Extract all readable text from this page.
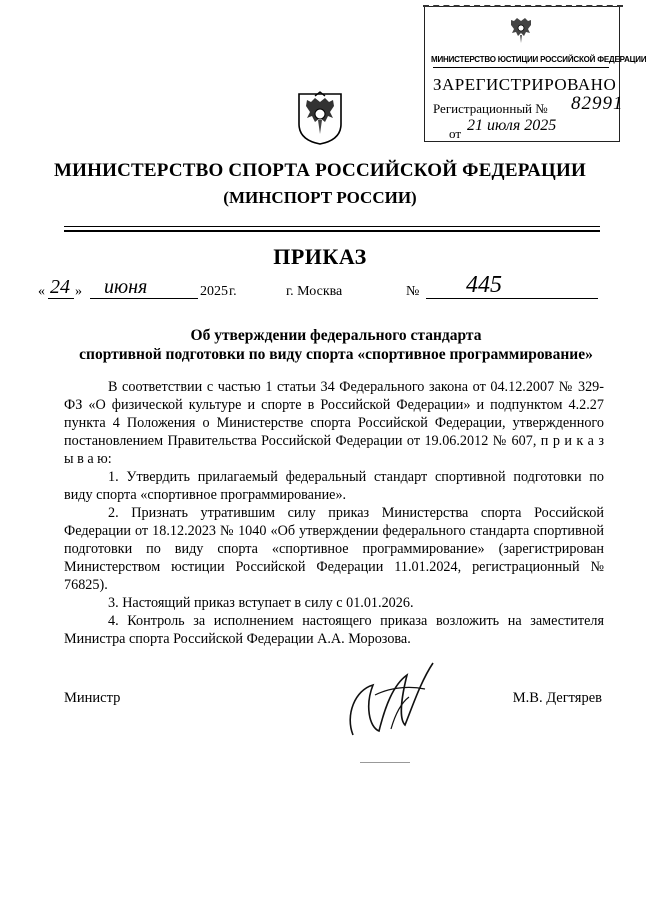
МИНИСТЕРСТВО ЮСТИЦИИ РОССИЙСКОЙ ФЕДЕРАЦИИ
ЗАРЕГИСТРИРОВАНО
Регистрационный № 82991
от 21 июля 2025
МИНИСТЕРСТВО СПОРТА РОССИЙСКОЙ ФЕДЕРАЦИИ
(МИНСПОРТ РОССИИ)
ПРИКАЗ
« 24 » июня	2025 г.	г. Москва	№ 445
Об утверждении федерального стандарта
спортивной подготовки по виду спорта «спортивное программирование»

В соответствии с частью 1 статьи 34 Федерального закона от 04.12.2007 № 329-ФЗ «О физической культуре и спорте в Российской Федерации» и подпунктом 4.2.27 пункта 4 Положения о Министерстве спорта Российской Федерации, утвержденного постановлением Правительства Российской Федерации от 19.06.2012 № 607, п р и к а з ы в а ю:

1. Утвердить прилагаемый федеральный стандарт спортивной подготовки по виду спорта «спортивное программирование».

2. Признать утратившим силу приказ Министерства спорта Российской Федерации от 18.12.2023 № 1040 «Об утверждении федерального стандарта спортивной подготовки по виду спорта «спортивное программирование» (зарегистрирован Министерством юстиции Российской Федерации 11.01.2024, регистрационный № 76825).

3. Настоящий приказ вступает в силу с 01.01.2026.

4. Контроль за исполнением настоящего приказа возложить на заместителя Министра спорта Российской Федерации А.А. Морозова.

Министр	М.В. Дегтярев
